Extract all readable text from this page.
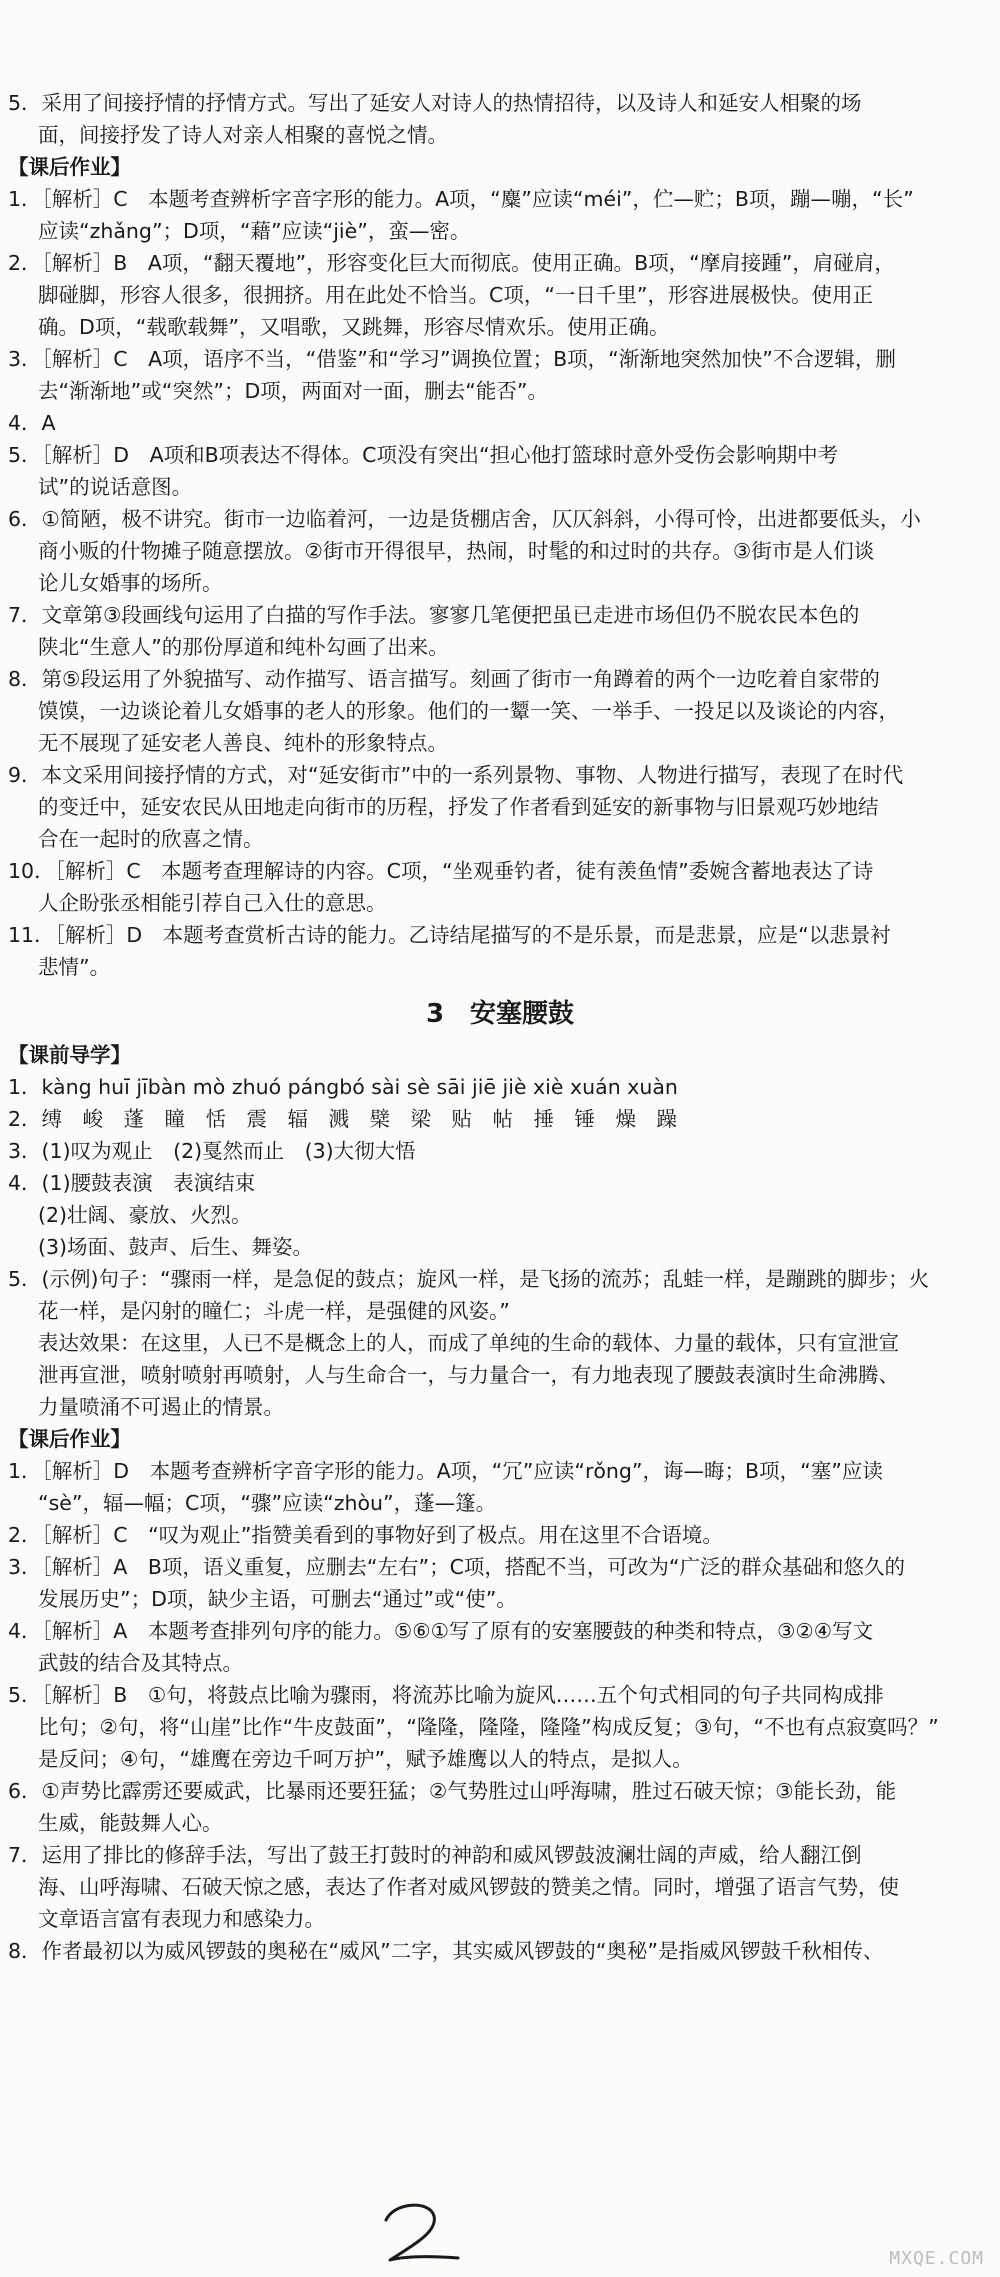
5．采用了间接抒情的抒情方式。写出了延安人对诗人的热情招待，以及诗人和延安人相聚的场
面，间接抒发了诗人对亲人相聚的喜悦之情。
【课后作业】
1．［解析］C　本题考查辨析字音字形的能力。A项，“麋”应读“méi”，伫—贮；B项，蹦—嘣，“长”
应读“zhǎng”；D项，“藉”应读“jiè”，蛮—密。
2．［解析］B　A项，“翻天覆地”，形容变化巨大而彻底。使用正确。B项，“摩肩接踵”，肩碰肩，
脚碰脚，形容人很多，很拥挤。用在此处不恰当。C项，“一日千里”，形容进展极快。使用正
确。D项，“载歌载舞”，又唱歌，又跳舞，形容尽情欢乐。使用正确。
3．［解析］C　A项，语序不当，“借鉴”和“学习”调换位置；B项，“渐渐地突然加快”不合逻辑，删
去“渐渐地”或“突然”；D项，两面对一面，删去“能否”。
4．A
5．［解析］D　A项和B项表达不得体。C项没有突出“担心他打篮球时意外受伤会影响期中考
试”的说话意图。
6．①简陋，极不讲究。街市一边临着河，一边是货棚店舍，仄仄斜斜，小得可怜，出进都要低头，小
商小贩的什物摊子随意摆放。②街市开得很早，热闹，时髦的和过时的共存。③街市是人们谈
论儿女婚事的场所。
7．文章第③段画线句运用了白描的写作手法。寥寥几笔便把虽已走进市场但仍不脱农民本色的
陕北“生意人”的那份厚道和纯朴勾画了出来。
8．第⑤段运用了外貌描写、动作描写、语言描写。刻画了街市一角蹲着的两个一边吃着自家带的
馍馍，一边谈论着儿女婚事的老人的形象。他们的一颦一笑、一举手、一投足以及谈论的内容，
无不展现了延安老人善良、纯朴的形象特点。
9．本文采用间接抒情的方式，对“延安街市”中的一系列景物、事物、人物进行描写，表现了在时代
的变迁中，延安农民从田地走向街市的历程，抒发了作者看到延安的新事物与旧景观巧妙地结
合在一起时的欣喜之情。
10．［解析］C　本题考查理解诗的内容。C项，“坐观垂钓者，徒有羡鱼情”委婉含蓄地表达了诗
人企盼张丞相能引荐自己入仕的意思。
11．［解析］D　本题考查赏析古诗的能力。乙诗结尾描写的不是乐景，而是悲景，应是“以悲景衬
悲情”。
3　安塞腰鼓
【课前导学】
1．kàng huī jībàn mò zhuó pángbó sài sè sāi jiē jiè xiè xuán xuàn
2．缚　峻　蓬　瞳　恬　震　辐　溅　檗　梁　贴　帖　捶　锤　燥　躁
3．(1)叹为观止　(2)戛然而止　(3)大彻大悟
4．(1)腰鼓表演　表演结束
(2)壮阔、豪放、火烈。
(3)场面、鼓声、后生、舞姿。
5．(示例)句子：“骤雨一样，是急促的鼓点；旋风一样，是飞扬的流苏；乱蛙一样，是蹦跳的脚步；火
花一样，是闪射的瞳仁；斗虎一样，是强健的风姿。”
表达效果：在这里，人已不是概念上的人，而成了单纯的生命的载体、力量的载体，只有宣泄宣
泄再宣泄，喷射喷射再喷射，人与生命合一，与力量合一，有力地表现了腰鼓表演时生命沸腾、
力量喷涌不可遏止的情景。
【课后作业】
1．［解析］D　本题考查辨析字音字形的能力。A项，“冗”应读“rǒng”，诲—晦；B项，“塞”应读
“sè”，辐—幅；C项，“骤”应读“zhòu”，蓬—篷。
2．［解析］C　“叹为观止”指赞美看到的事物好到了极点。用在这里不合语境。
3．［解析］A　B项，语义重复，应删去“左右”；C项，搭配不当，可改为“广泛的群众基础和悠久的
发展历史”；D项，缺少主语，可删去“通过”或“使”。
4．［解析］A　本题考查排列句序的能力。⑤⑥①写了原有的安塞腰鼓的种类和特点，③②④写文
武鼓的结合及其特点。
5．［解析］B　①句，将鼓点比喻为骤雨，将流苏比喻为旋风……五个句式相同的句子共同构成排
比句；②句，将“山崖”比作“牛皮鼓面”，“隆隆，隆隆，隆隆”构成反复；③句，“不也有点寂寞吗？”
是反问；④句，“雄鹰在旁边千呵万护”，赋予雄鹰以人的特点，是拟人。
6．①声势比霹雳还要威武，比暴雨还要狂猛；②气势胜过山呼海啸，胜过石破天惊；③能长劲，能
生威，能鼓舞人心。
7．运用了排比的修辞手法，写出了鼓王打鼓时的神韵和威风锣鼓波澜壮阔的声威，给人翻江倒
海、山呼海啸、石破天惊之感，表达了作者对威风锣鼓的赞美之情。同时，增强了语言气势，使
文章语言富有表现力和感染力。
8．作者最初以为威风锣鼓的奥秘在“威风”二字，其实威风锣鼓的“奥秘”是指威风锣鼓千秋相传、
MXQE.COM
